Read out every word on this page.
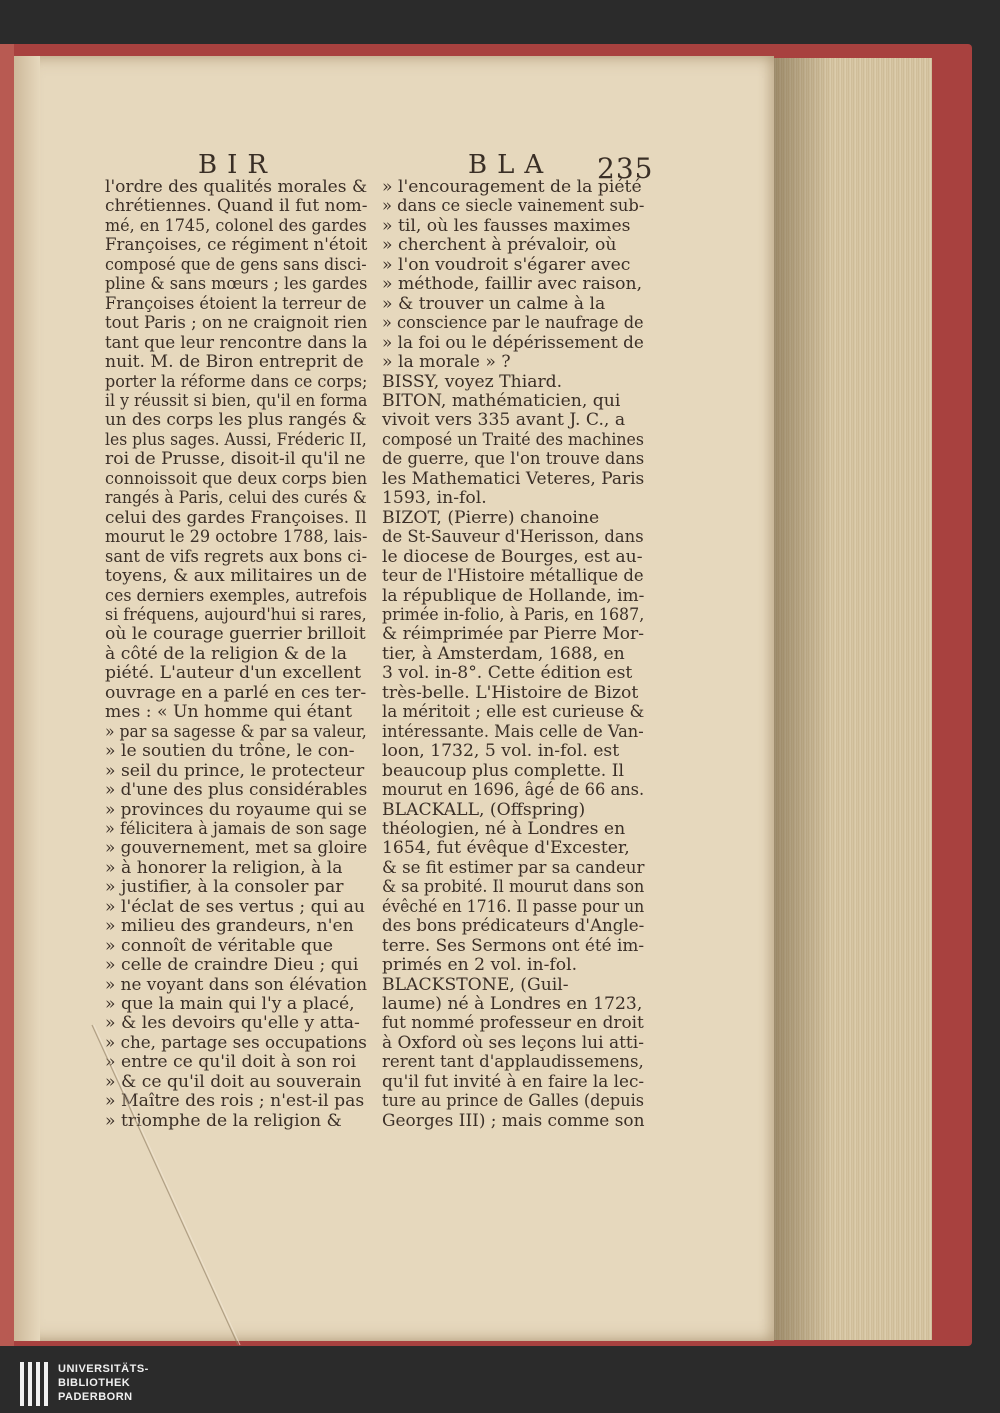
BIR	BLA 235
l'ordre des qualités morales &
chrétiennes. Quand il fut nom-
mé, en 1745, colonel des gardes
Françoises, ce régiment n'étoit
composé que de gens sans disci-
pline & sans mœurs ; les gardes
Françoises étoient la terreur de
tout Paris ; on ne craignoit rien
tant que leur rencontre dans la
nuit. M. de Biron entreprit de
porter la réforme dans ce corps;
il y réussit si bien, qu'il en forma
un des corps les plus rangés &
les plus sages. Aussi, Fréderic II,
roi de Prusse, disoit-il qu'il ne
connoissoit que deux corps bien
rangés à Paris, celui des curés &
celui des gardes Françoises. Il
mourut le 29 octobre 1788, lais-
sant de vifs regrets aux bons ci-
toyens, & aux militaires un de
ces derniers exemples, autrefois
si fréquens, aujourd'hui si rares,
où le courage guerrier brilloit
à côté de la religion & de la
piété. L'auteur d'un excellent
ouvrage en a parlé en ces ter-
mes : « Un homme qui étant
» par sa sagesse & par sa valeur,
» le soutien du trône, le con-
» seil du prince, le protecteur
» d'une des plus considérables
» provinces du royaume qui se
» félicitera à jamais de son sage
» gouvernement, met sa gloire
» à honorer la religion, à la
» justifier, à la consoler par
» l'éclat de ses vertus ; qui au
» milieu des grandeurs, n'en
» connoît de véritable que
» celle de craindre Dieu ; qui
» ne voyant dans son élévation
» que la main qui l'y a placé,
» & les devoirs qu'elle y atta-
» che, partage ses occupations
» entre ce qu'il doit à son roi
» & ce qu'il doit au souverain
» Maître des rois ; n'est-il pas
» triomphe de la religion &
» l'encouragement de la piété
» dans ce siecle vainement sub-
» til, où les fausses maximes
» cherchent à prévaloir, où
» l'on voudroit s'égarer avec
» méthode, faillir avec raison,
» & trouver un calme à la
» conscience par le naufrage de
» la foi ou le dépérissement de
» la morale » ?
BISSY, voyez Thiard.
BITON, mathématicien, qui
vivoit vers 335 avant J. C., a
composé un Traité des machines
de guerre, que l'on trouve dans
les Mathematici Veteres, Paris
1593, in-fol.
BIZOT, (Pierre) chanoine
de St-Sauveur d'Herisson, dans
le diocese de Bourges, est au-
teur de l'Histoire métallique de
la république de Hollande, im-
primée in-folio, à Paris, en 1687,
& réimprimée par Pierre Mor-
tier, à Amsterdam, 1688, en
3 vol. in-8°. Cette édition est
très-belle. L'Histoire de Bizot
la méritoit ; elle est curieuse &
intéressante. Mais celle de Van-
loon, 1732, 5 vol. in-fol. est
beaucoup plus complette. Il
mourut en 1696, âgé de 66 ans.
BLACKALL, (Offspring)
théologien, né à Londres en
1654, fut évêque d'Excester,
& se fit estimer par sa candeur
& sa probité. Il mourut dans son
évêché en 1716. Il passe pour un
des bons prédicateurs d'Angle-
terre. Ses Sermons ont été im-
primés en 2 vol. in-fol.
BLACKSTONE, (Guil-
laume) né à Londres en 1723,
fut nommé professeur en droit
à Oxford où ses leçons lui atti-
rerent tant d'applaudissemens,
qu'il fut invité à en faire la lec-
ture au prince de Galles (depuis
Georges III) ; mais comme son
UNIVERSITÄTS-
BIBLIOTHEK
PADERBORN
